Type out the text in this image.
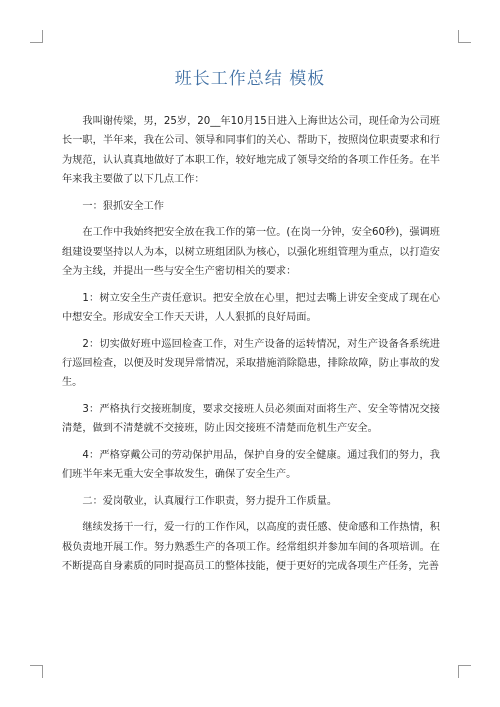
班长工作总结 模板

我叫谢传梁，男，25岁，20__年10月15日进入上海世达公司，现任命为公司班长一职，半年来，我在公司、领导和同事们的关心、帮助下，按照岗位职责要求和行为规范，认认真真地做好了本职工作，较好地完成了领导交给的各项工作任务。在半年来我主要做了以下几点工作：

一：狠抓安全工作

在工作中我始终把安全放在我工作的第一位。(在岗一分钟，安全60秒)，强调班组建设要坚持以人为本，以树立班组团队为核心，以强化班组管理为重点，以打造安全为主线，并提出一些与安全生产密切相关的要求：

1：树立安全生产责任意识。把安全放在心里，把过去嘴上讲安全变成了现在心中想安全。形成安全工作天天讲，人人狠抓的良好局面。

2：切实做好班中巡回检查工作，对生产设备的运转情况，对生产设备各系统进行巡回检查，以便及时发现异常情况，采取措施消除隐患，排除故障，防止事故的发生。

3：严格执行交接班制度，要求交接班人员必须面对面将生产、安全等情况交接清楚，做到不清楚就不交接班，防止因交接班不清楚而危机生产安全。

4：严格穿戴公司的劳动保护用品，保护自身的安全健康。通过我们的努力，我们班半年来无重大安全事故发生，确保了安全生产。

二：爱岗敬业，认真履行工作职责，努力提升工作质量。

继续发扬干一行，爱一行的工作作风，以高度的责任感、使命感和工作热情，积极负责地开展工作。努力熟悉生产的各项工作。经常组织并参加车间的各项培训。在不断提高自身素质的同时提高员工的整体技能，便于更好的完成各项生产任务，完善
